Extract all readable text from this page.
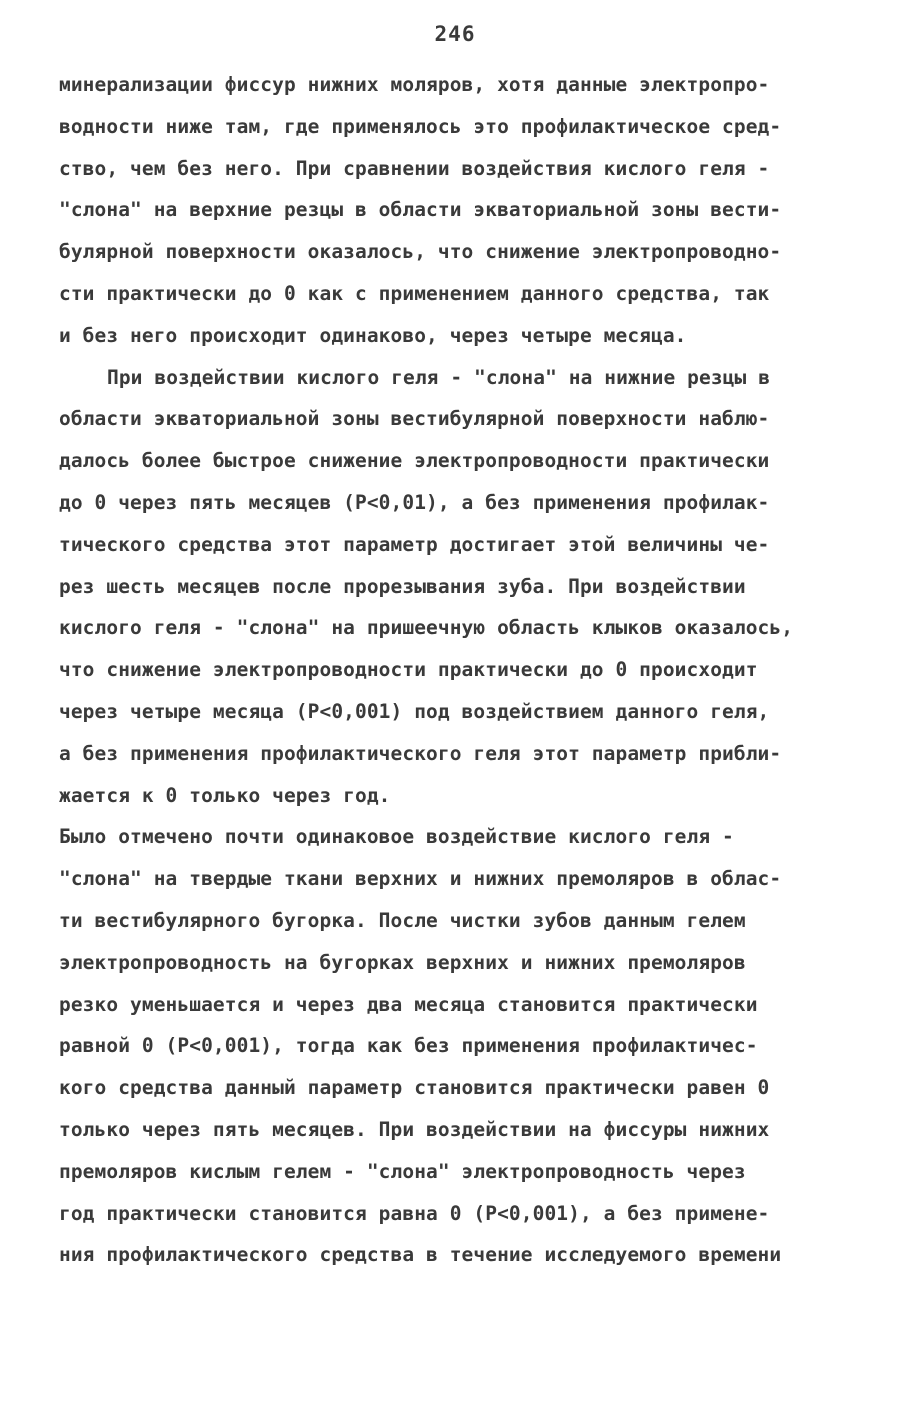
246
минерализации фиссур нижних моляров, хотя данные электропро-
водности ниже там, где применялось это профилактическое сред-
ство, чем без него. При сравнении воздействия кислого геля -
"слона" на верхние резцы в области экваториальной зоны вести-
булярной поверхности оказалось, что снижение электропроводно-
сти практически до 0 как с применением данного средства, так
и без него происходит одинаково, через четыре месяца.
При воздействии кислого геля - "слона" на нижние резцы в
области экваториальной зоны вестибулярной поверхности наблю-
далось более быстрое снижение электропроводности практически
до 0 через пять месяцев (P<0,01), а без применения профилак-
тического средства этот параметр достигает этой величины че-
рез шесть месяцев после прорезывания зуба. При воздействии
кислого геля - "слона" на пришеечную область клыков оказалось,
что снижение электропроводности практически до 0 происходит
через четыре месяца (P<0,001) под воздействием данного геля,
а без применения профилактического геля этот параметр прибли-
жается к 0 только через год.
Было отмечено почти одинаковое воздействие кислого геля -
"слона" на твердые ткани верхних и нижних премоляров в облас-
ти вестибулярного бугорка. После чистки зубов данным гелем
электропроводность на бугорках верхних и нижних премоляров
резко уменьшается и через два месяца становится практически
равной 0 (P<0,001), тогда как без применения профилактичес-
кого средства данный параметр становится практически равен 0
только через пять месяцев. При воздействии на фиссуры нижних
премоляров кислым гелем - "слона" электропроводность через
год практически становится равна 0 (P<0,001), а без примене-
ния профилактического средства в течение исследуемого времени
